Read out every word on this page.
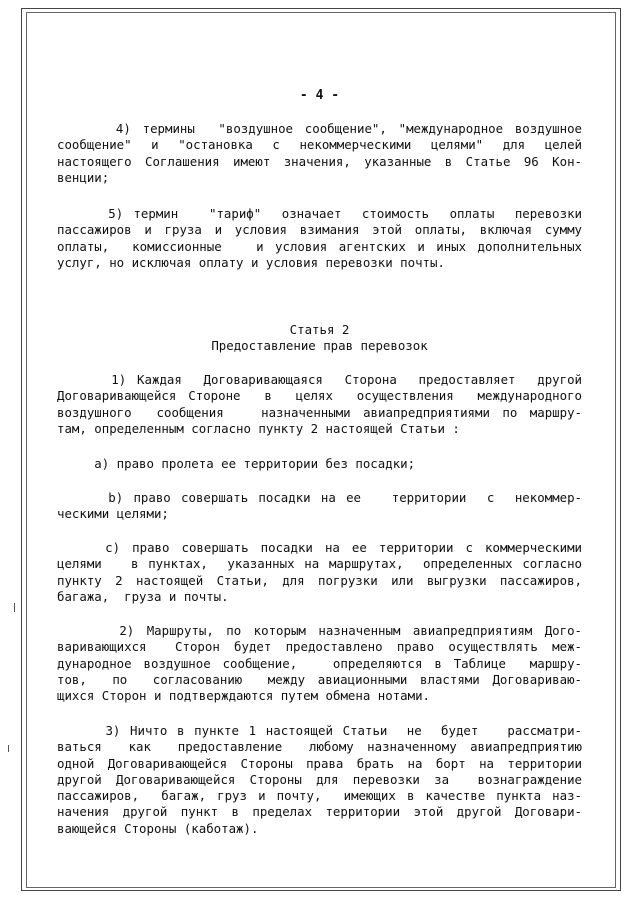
- 4 -
4) термины  "воздушное сообщение", "международное воздушное
сообщение"  и  "остановка  с  некоммерческими  целями"  для  целей
настоящего Соглашения имеют значения, указанные в Статье 96 Кон-
венции;
5) термин   "тариф"  означает  стоимость  оплаты  перевозки
пассажиров и груза и условия взимания этой оплаты, включая сумму
оплаты,  комиссионные   и условия агентских и иных дополнительных
услуг, но исключая оплату и условия перевозки почты.
Статья 2
Предоставление прав перевозок
1) Каждая  Договаривающаяся  Сторона  предоставляет  другой
Договаривающейся Стороне  в  целях  осуществления  международного
воздушного  сообщения   назначенными авиапредприятиями по маршру-
там, определенным согласно пункту 2 настоящей Статьи :
а) право пролета ее территории без посадки;
b) право совершать посадки на ее   территории  с  некоммер-
ческими целями;
c) право совершать посадки на ее территории с коммерческими
целями   в пунктах,  указанных на маршрутах,  определенных согласно
пункту 2 настоящей Статьи, для погрузки или выгрузки пассажиров,
багажа,  груза и почты.
2) Маршруты, по которым назначенным авиапредприятиям Дого-
варивающихся  Сторон будет предоставлено право осуществлять меж-
дународное воздушное сообщение,   определяются в Таблице  маршру-
тов,  по  согласованию  между авиационными властями Договариваю-
щихся Сторон и подтверждаются путем обмена нотами.
3) Ничто в пункте 1 настоящей Статьи  не  будет   рассматри-
ваться  как  предоставление  любому назначенному авиапредприятию
одной Договаривающейся Стороны права брать на борт на территории
другой Договаривающейся Стороны для перевозки за  вознаграждение
пассажиров,  багаж, груз и почту,  имеющих в качестве пункта наз-
начения другой пункт в пределах территории этой другой Договари-
вающейся Стороны (каботаж).
